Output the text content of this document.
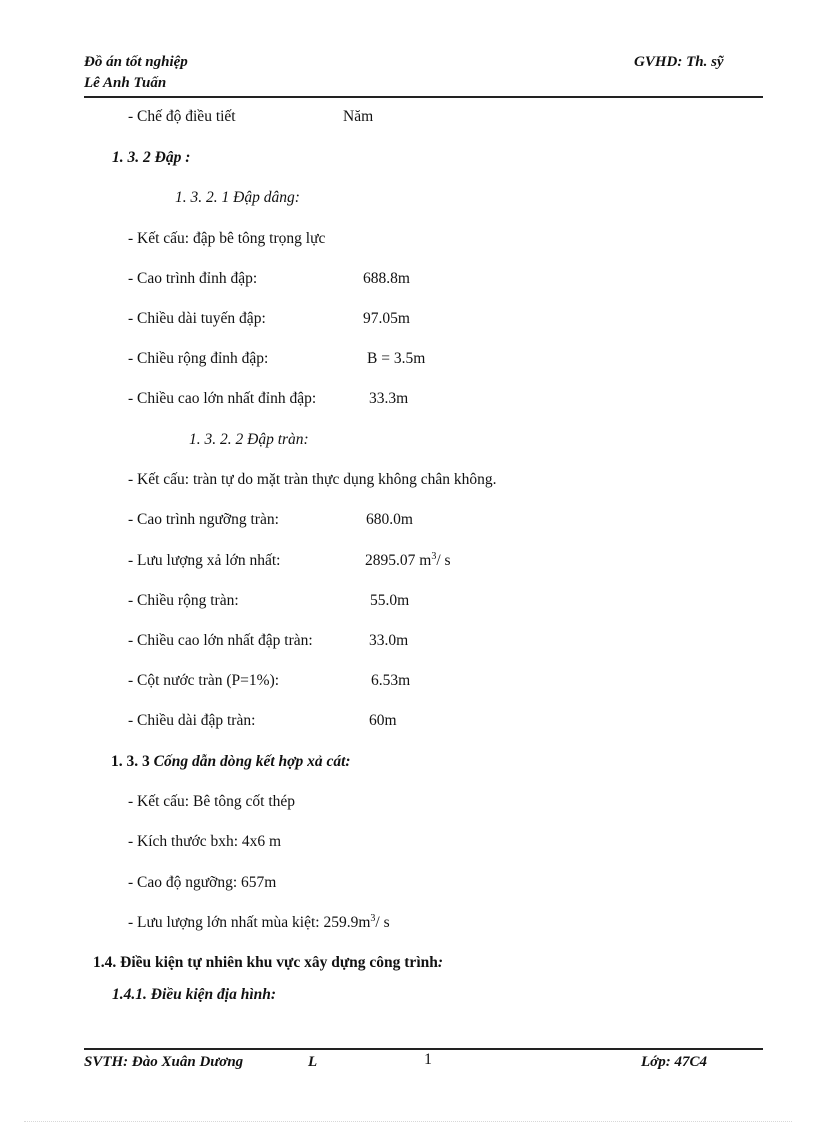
Đồ án tốt nghiệp
Lê Anh Tuấn
GVHD: Th. sỹ
- Chế độ điều tiết	Năm
1. 3. 2 Đập :
1. 3. 2. 1 Đập dâng:
- Kết cấu: đập bê tông trọng lực
- Cao trình đỉnh đập:	688.8m
- Chiều dài tuyến đập:	97.05m
- Chiều rộng đỉnh đập:	B = 3.5m
- Chiều cao lớn nhất đỉnh đập:	33.3m
1. 3. 2. 2 Đập tràn:
- Kết cấu: tràn tự do mặt tràn thực dụng không chân không.
- Cao trình ngưỡng tràn:	680.0m
- Lưu lượng xả lớn nhất:	2895.07 $m^3/$ s
- Chiều rộng tràn:	55.0m
- Chiều cao lớn nhất đập tràn:	33.0m
- Cột nước tràn (P=1%):	6.53m
- Chiều dài đập tràn:	60m
1. 3. 3 Cống dẫn dòng kết hợp xả cát:
- Kết cấu: Bê tông cốt thép
- Kích thước bxh: 4x6 m
- Cao độ ngưỡng: 657m
- Lưu lượng lớn nhất mùa kiệt: $259.9m^3/$ s
1.4. Điều kiện tự nhiên khu vực xây dựng công trình:
1.4.1. Điều kiện địa hình:
SVTH: Đào Xuân Dương	L	1	Lớp: 47C4
